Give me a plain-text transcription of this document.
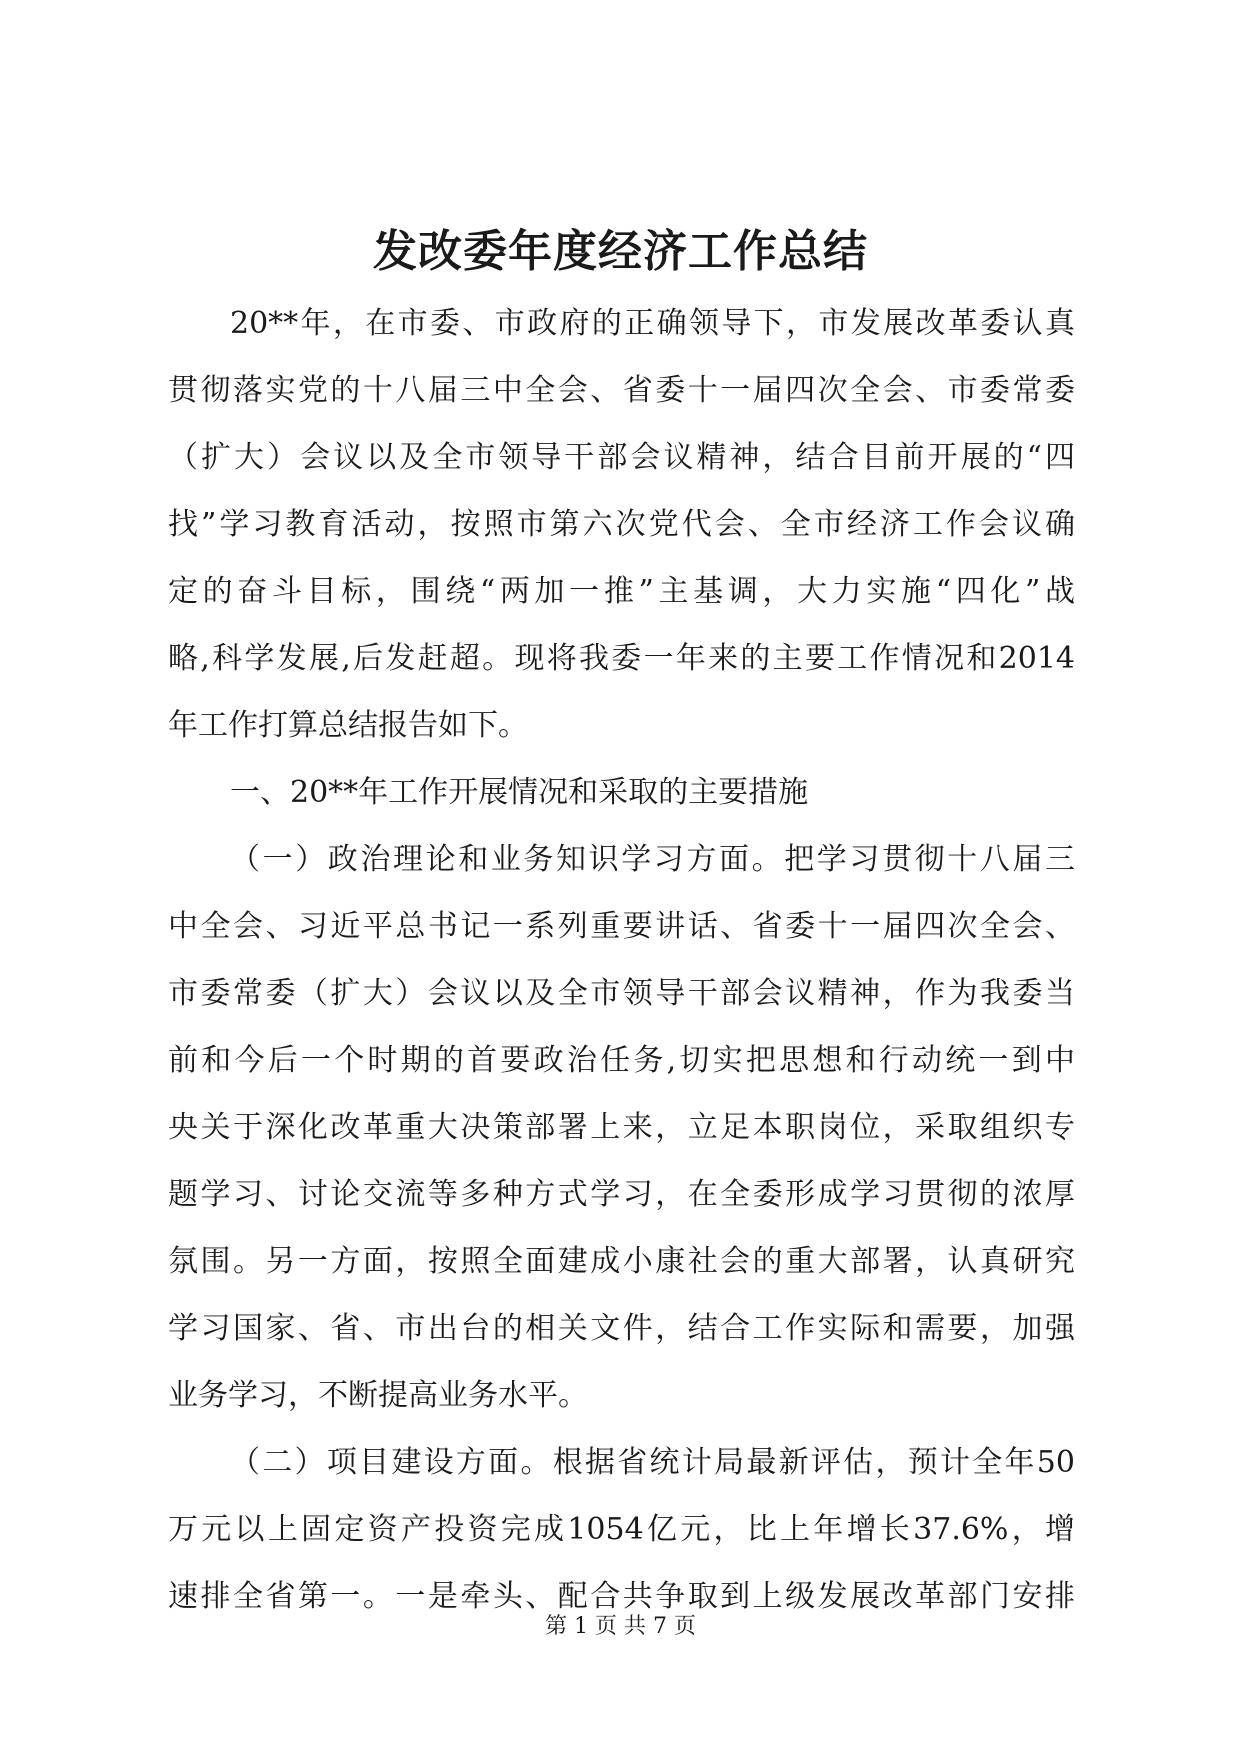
发改委年度经济工作总结
20**年，在市委、市政府的正确领导下，市发展改革委认真
贯彻落实党的十八届三中全会、省委十一届四次全会、市委常委
（扩大）会议以及全市领导干部会议精神，结合目前开展的“四
找”学习教育活动，按照市第六次党代会、全市经济工作会议确
定的奋斗目标，围绕“两加一推”主基调，大力实施“四化”战
略,科学发展,后发赶超。现将我委一年来的主要工作情况和2014
年工作打算总结报告如下。
一、20**年工作开展情况和采取的主要措施
（一）政治理论和业务知识学习方面。把学习贯彻十八届三
中全会、习近平总书记一系列重要讲话、省委十一届四次全会、
市委常委（扩大）会议以及全市领导干部会议精神，作为我委当
前和今后一个时期的首要政治任务,切实把思想和行动统一到中
央关于深化改革重大决策部署上来，立足本职岗位，采取组织专
题学习、讨论交流等多种方式学习，在全委形成学习贯彻的浓厚
氛围。另一方面，按照全面建成小康社会的重大部署，认真研究
学习国家、省、市出台的相关文件，结合工作实际和需要，加强
业务学习，不断提高业务水平。
（二）项目建设方面。根据省统计局最新评估，预计全年50
万元以上固定资产投资完成1054亿元，比上年增长37.6%，增
速排全省第一。一是牵头、配合共争取到上级发展改革部门安排
第 1 页 共 7 页
